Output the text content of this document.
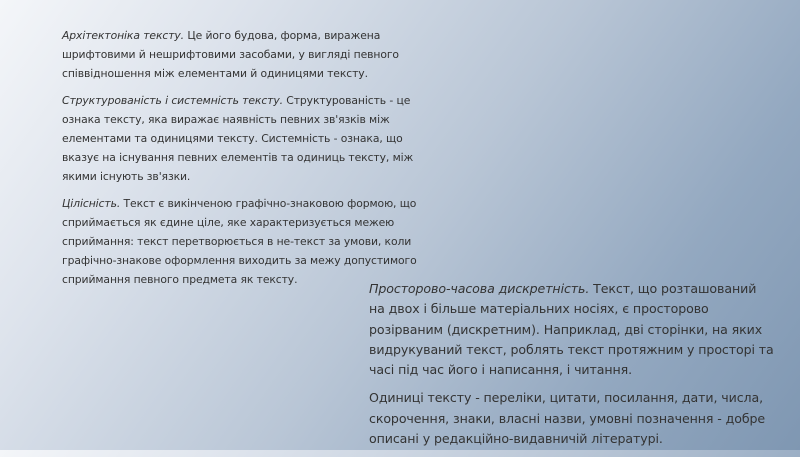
Архітектоніка тексту. Це його будова, форма, виражена шрифтовими й нешрифтовими засобами, у вигляді певного співвідношення між елементами й одиницями тексту.

Структурованість і системність тексту. Структурованість - це ознака тексту, яка виражає наявність певних зв'язків між елементами та одиницями тексту. Системність - ознака, що вказує на існування певних елементів та одиниць тексту, між якими існують зв'язки.

Цілісність. Текст є викінченою графічно-знаковою формою, що сприймається як єдине ціле, яке характеризується межею сприймання: текст перетворюється в не-текст за умови, коли графічно-знакове оформлення виходить за межу допустимого сприймання певного предмета як тексту.

Просторово-часова дискретність. Текст, що розташований на двох і більше матеріальних носіях, є просторово розірваним (дискретним). Наприклад, дві сторінки, на яких видрукуваний текст, роблять текст протяжним у просторі та часі під час його і написання, і читання.

Одиниці тексту - переліки, цитати, посилання, дати, числа, скорочення, знаки, власні назви, умовні позначення - добре описані у редакційно-видавничій літературі.
